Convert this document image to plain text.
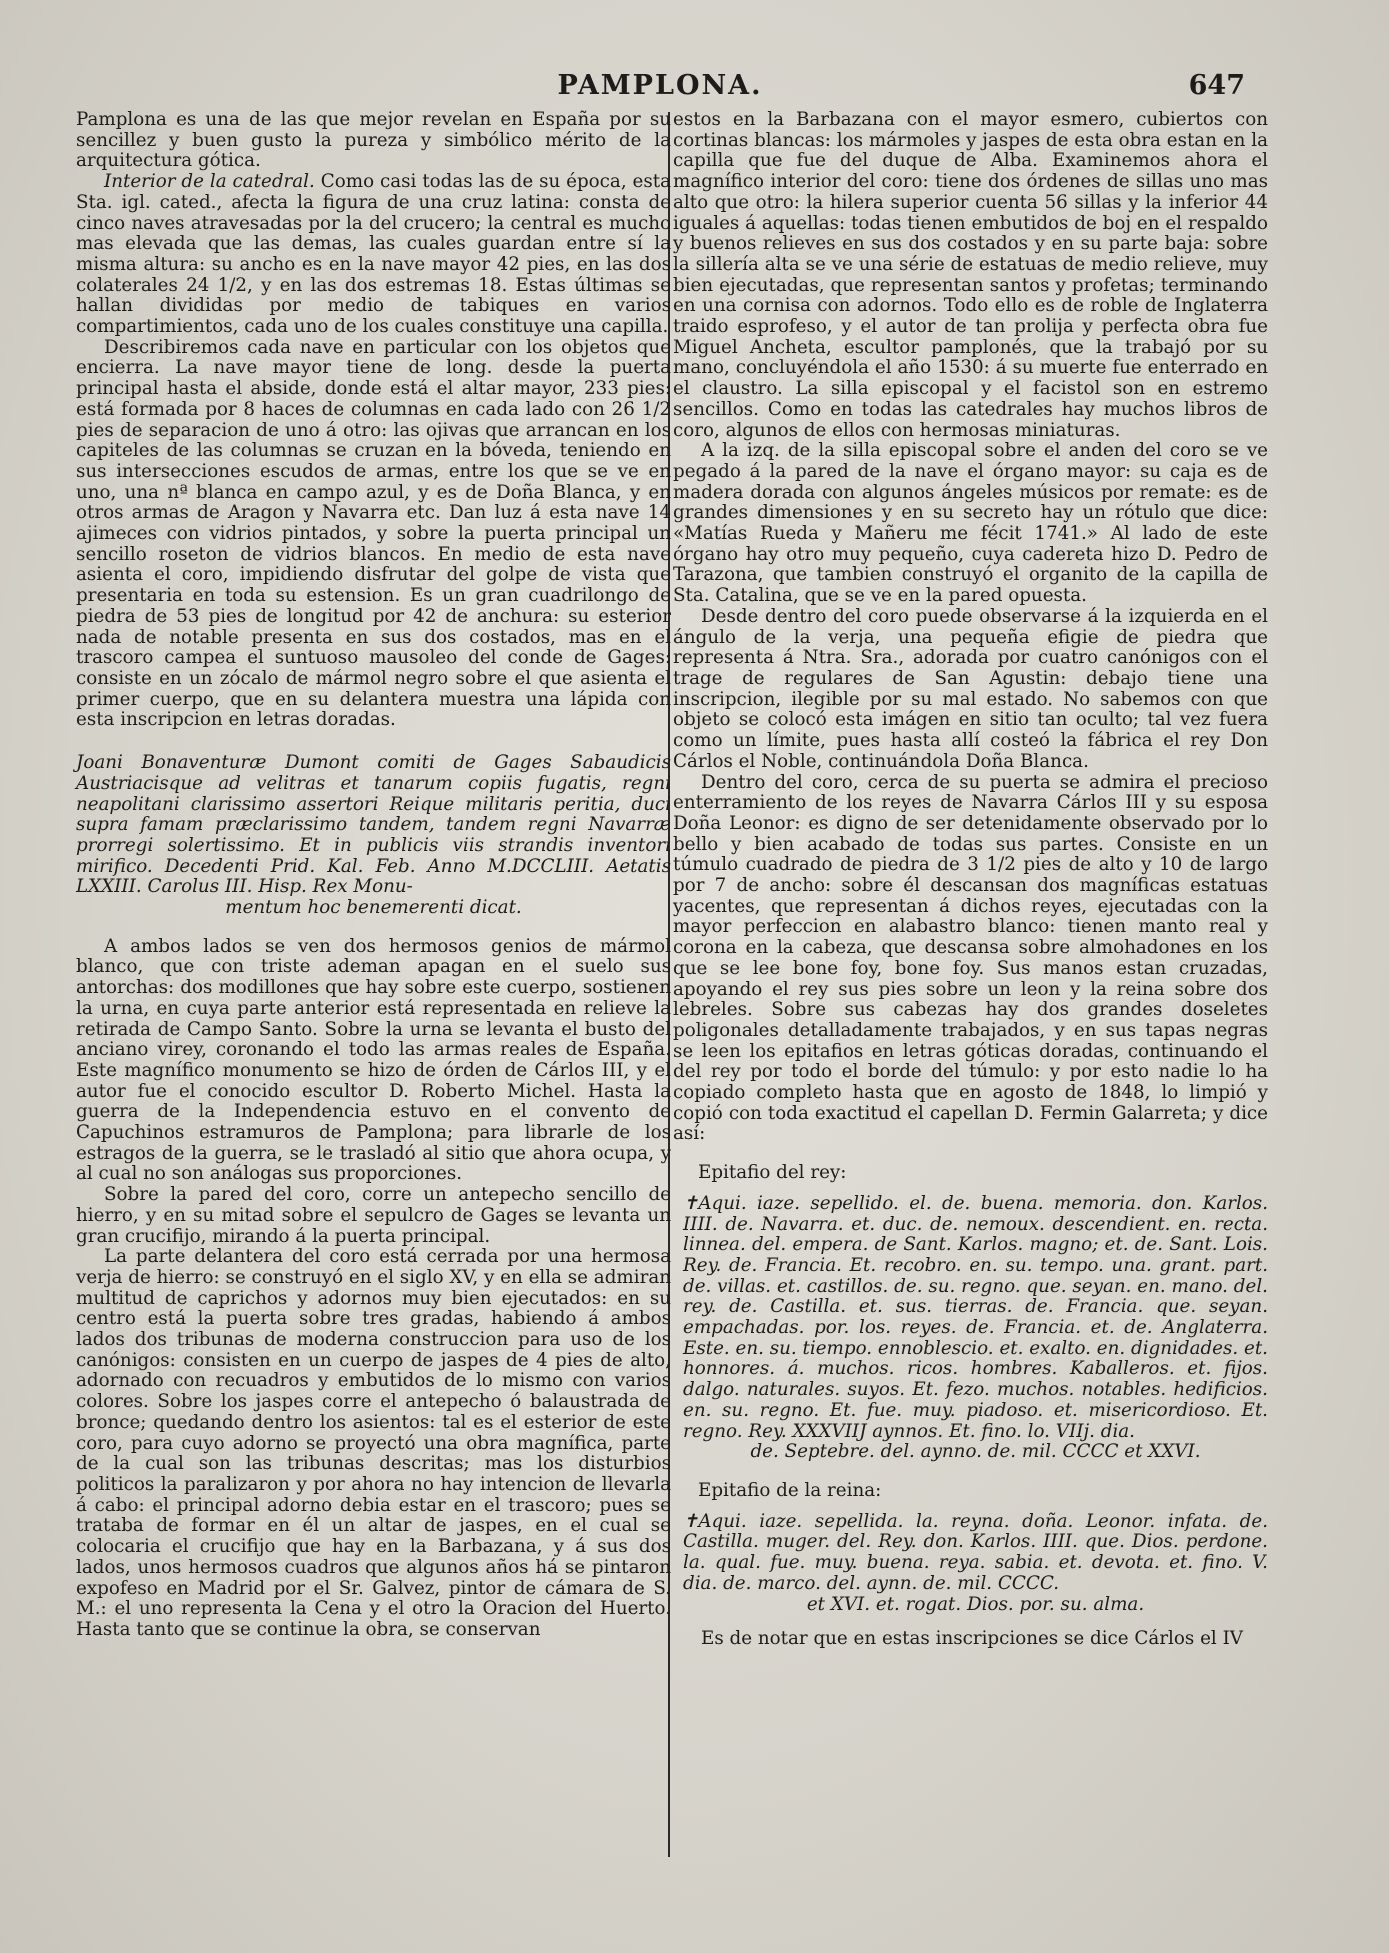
PAMPLONA.	647

Pamplona es una de las que mejor revelan en España por su sencillez y buen gusto la pureza y simbólico mérito de la arquitectura gótica.

Interior de la catedral. Como casi todas las de su época, esta Sta. igl. cated., afecta la figura de una cruz latina: consta de cinco naves atravesadas por la del crucero; la central es mucho mas elevada que las demas, las cuales guardan entre sí la misma altura: su ancho es en la nave mayor 42 pies, en las dos colaterales 24 1/2, y en las dos estremas 18. Estas últimas se hallan divididas por medio de tabiques en varios compartimientos, cada uno de los cuales constituye una capilla.

Describiremos cada nave en particular con los objetos que encierra. La nave mayor tiene de long. desde la puerta principal hasta el abside, donde está el altar mayor, 233 pies: está formada por 8 haces de columnas en cada lado con 26 1/2 pies de separacion de uno á otro: las ojivas que arrancan en los capiteles de las columnas se cruzan en la bóveda, teniendo en sus intersecciones escudos de armas, entre los que se ve en uno, una nª blanca en campo azul, y es de Doña Blanca, y en otros armas de Aragon y Navarra etc. Dan luz á esta nave 14 ajimeces con vidrios pintados, y sobre la puerta principal un sencillo roseton de vidrios blancos. En medio de esta nave asienta el coro, impidiendo disfrutar del golpe de vista que presentaria en toda su estension. Es un gran cuadrilongo de piedra de 53 pies de longitud por 42 de anchura: su esterior nada de notable presenta en sus dos costados, mas en el trascoro campea el suntuoso mausoleo del conde de Gages: consiste en un zócalo de mármol negro sobre el que asienta el primer cuerpo, que en su delantera muestra una lápida con esta inscripcion en letras doradas.

Joani Bonaventuræ Dumont comiti de Gages Sabaudicis Austriacisque ad velitras et tanarum copiis fugatis, regni neapolitani clarissimo assertori Reique militaris peritia, duci supra famam præclarissimo tandem, tandem regni Navarræ prorregi solertissimo. Et in publicis viis strandis inventori mirifico. Decedenti Prid. Kal. Feb. Anno M.DCCLIII. Aetatis LXXIII. Carolus III. Hisp. Rex Monu-
mentum hoc benemerenti dicat.

A ambos lados se ven dos hermosos genios de mármol blanco, que con triste ademan apagan en el suelo sus antorchas: dos modillones que hay sobre este cuerpo, sostienen la urna, en cuya parte anterior está representada en relieve la retirada de Campo Santo. Sobre la urna se levanta el busto del anciano virey, coronando el todo las armas reales de España. Este magnífico monumento se hizo de órden de Cárlos III, y el autor fue el conocido escultor D. Roberto Michel. Hasta la guerra de la Independencia estuvo en el convento de Capuchinos estramuros de Pamplona; para librarle de los estragos de la guerra, se le trasladó al sitio que ahora ocupa, y al cual no son análogas sus proporciones.

Sobre la pared del coro, corre un antepecho sencillo de hierro, y en su mitad sobre el sepulcro de Gages se levanta un gran crucifijo, mirando á la puerta principal.

La parte delantera del coro está cerrada por una hermosa verja de hierro: se construyó en el siglo XV, y en ella se admiran multitud de caprichos y adornos muy bien ejecutados: en su centro está la puerta sobre tres gradas, habiendo á ambos lados dos tribunas de moderna construccion para uso de los canónigos: consisten en un cuerpo de jaspes de 4 pies de alto, adornado con recuadros y embutidos de lo mismo con varios colores. Sobre los jaspes corre el antepecho ó balaustrada de bronce; quedando dentro los asientos: tal es el esterior de este coro, para cuyo adorno se proyectó una obra magnífica, parte de la cual son las tribunas descritas; mas los disturbios politicos la paralizaron y por ahora no hay intencion de llevarla á cabo: el principal adorno debia estar en el trascoro; pues se trataba de formar en él un altar de jaspes, en el cual se colocaria el crucifijo que hay en la Barbazana, y á sus dos lados, unos hermosos cuadros que algunos años há se pintaron expofeso en Madrid por el Sr. Galvez, pintor de cámara de S. M.: el uno representa la Cena y el otro la Oracion del Huerto. Hasta tanto que se continue la obra, se conservan

estos en la Barbazana con el mayor esmero, cubiertos con cortinas blancas: los mármoles y jaspes de esta obra estan en la capilla que fue del duque de Alba. Examinemos ahora el magnífico interior del coro: tiene dos órdenes de sillas uno mas alto que otro: la hilera superior cuenta 56 sillas y la inferior 44 iguales á aquellas: todas tienen embutidos de boj en el respaldo y buenos relieves en sus dos costados y en su parte baja: sobre la sillería alta se ve una série de estatuas de medio relieve, muy bien ejecutadas, que representan santos y profetas; terminando en una cornisa con adornos. Todo ello es de roble de Inglaterra traido esprofeso, y el autor de tan prolija y perfecta obra fue Miguel Ancheta, escultor pamplonés, que la trabajó por su mano, concluyéndola el año 1530: á su muerte fue enterrado en el claustro. La silla episcopal y el facistol son en estremo sencillos. Como en todas las catedrales hay muchos libros de coro, algunos de ellos con hermosas miniaturas.

A la izq. de la silla episcopal sobre el anden del coro se ve pegado á la pared de la nave el órgano mayor: su caja es de madera dorada con algunos ángeles músicos por remate: es de grandes dimensiones y en su secreto hay un rótulo que dice: «Matías Rueda y Mañeru me fécit 1741.» Al lado de este órgano hay otro muy pequeño, cuya cadereta hizo D. Pedro de Tarazona, que tambien construyó el organito de la capilla de Sta. Catalina, que se ve en la pared opuesta.

Desde dentro del coro puede observarse á la izquierda en el ángulo de la verja, una pequeña efigie de piedra que representa á Ntra. Sra., adorada por cuatro canónigos con el trage de regulares de San Agustin: debajo tiene una inscripcion, ilegible por su mal estado. No sabemos con que objeto se colocó esta imágen en sitio tan oculto; tal vez fuera como un límite, pues hasta allí costeó la fábrica el rey Don Cárlos el Noble, continuándola Doña Blanca.

Dentro del coro, cerca de su puerta se admira el precioso enterramiento de los reyes de Navarra Cárlos III y su esposa Doña Leonor: es digno de ser detenidamente observado por lo bello y bien acabado de todas sus partes. Consiste en un túmulo cuadrado de piedra de 3 1/2 pies de alto y 10 de largo por 7 de ancho: sobre él descansan dos magníficas estatuas yacentes, que representan á dichos reyes, ejecutadas con la mayor perfeccion en alabastro blanco: tienen manto real y corona en la cabeza, que descansa sobre almohadones en los que se lee bone foy, bone foy. Sus manos estan cruzadas, apoyando el rey sus pies sobre un leon y la reina sobre dos lebreles. Sobre sus cabezas hay dos grandes doseletes poligonales detalladamente trabajados, y en sus tapas negras se leen los epitafios en letras góticas doradas, continuando el del rey por todo el borde del túmulo: y por esto nadie lo ha copiado completo hasta que en agosto de 1848, lo limpió y copió con toda exactitud el capellan D. Fermin Galarreta; y dice así:

Epitafio del rey:

✝Aqui. iaze. sepellido. el. de. buena. memoria. don. Karlos. IIII. de. Navarra. et. duc. de. nemoux. descendient. en. recta. linnea. del. empera. de Sant. Karlos. magno; et. de. Sant. Lois. Rey. de. Francia. Et. recobro. en. su. tempo. una. grant. part. de. villas. et. castillos. de. su. regno. que. seyan. en. mano. del. rey. de. Castilla. et. sus. tierras. de. Francia. que. seyan. empachadas. por. los. reyes. de. Francia. et. de. Anglaterra. Este. en. su. tiempo. ennoblescio. et. exalto. en. dignidades. et. honnores. á. muchos. ricos. hombres. Kaballeros. et. fijos. dalgo. naturales. suyos. Et. fezo. muchos. notables. hedificios. en. su. regno. Et. fue. muy. piadoso. et. misericordioso. Et. regno. Rey. XXXVIIJ aynnos. Et. fino. lo. VIIj. dia.
de. Septebre. del. aynno. de. mil. CCCC et XXVI.

Epitafio de la reina:

✝Aqui. iaze. sepellida. la. reyna. doña. Leonor. infata. de. Castilla. muger. del. Rey. don. Karlos. IIII. que. Dios. perdone. la. qual. fue. muy. buena. reya. sabia. et. devota. et. fino. V. dia. de. marco. del. aynn. de. mil. CCCC.
et XVI. et. rogat. Dios. por. su. alma.

Es de notar que en estas inscripciones se dice Cárlos el IV
